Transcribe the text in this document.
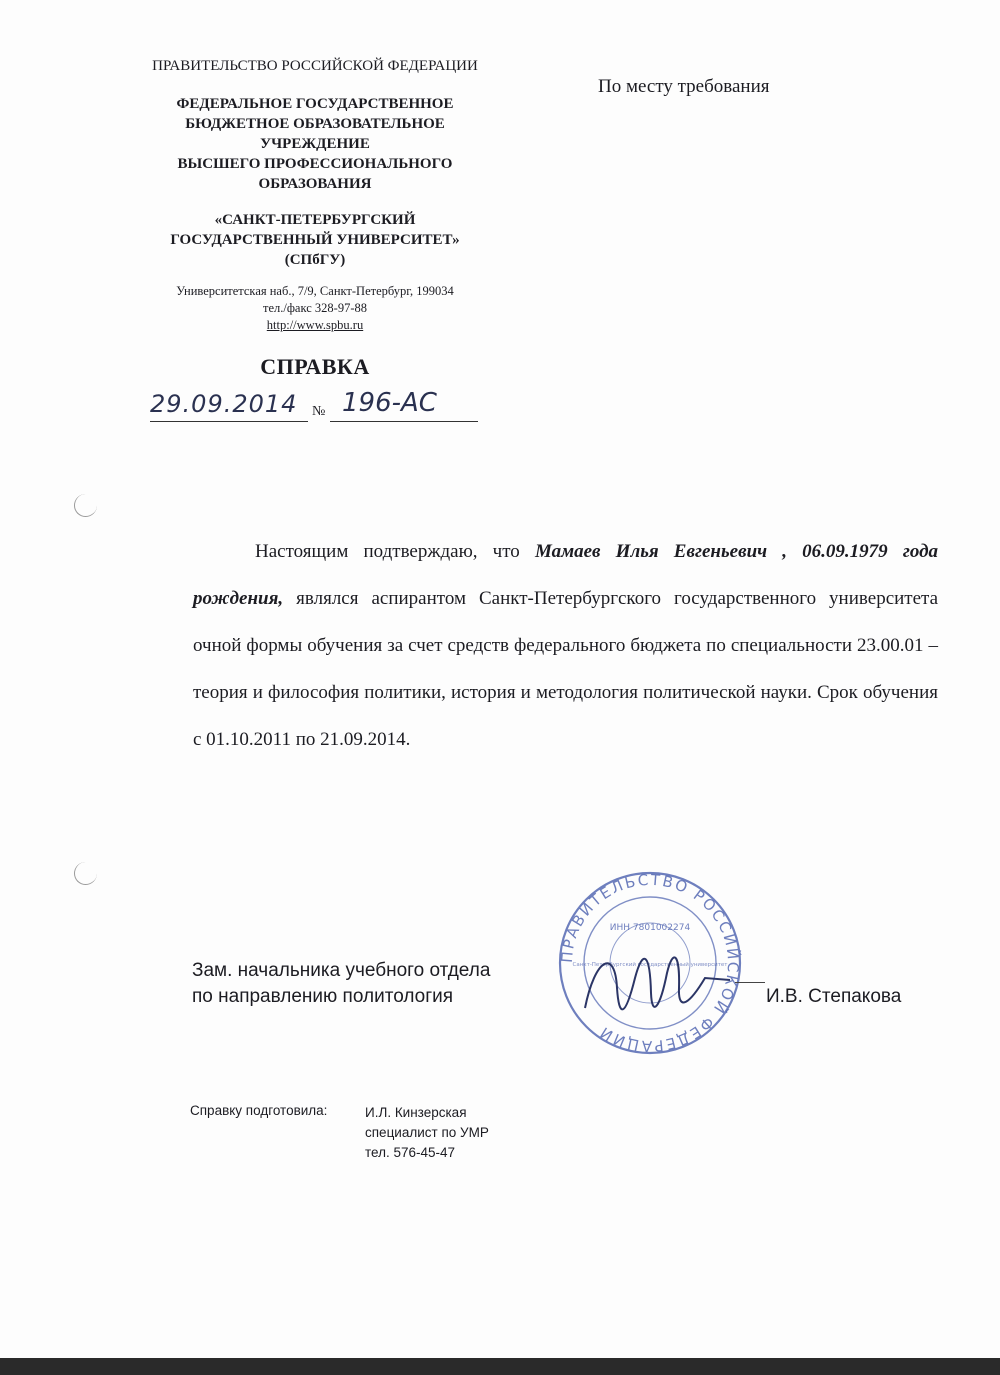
ПРАВИТЕЛЬСТВО РОССИЙСКОЙ ФЕДЕРАЦИИ
ФЕДЕРАЛЬНОЕ ГОСУДАРСТВЕННОЕ БЮДЖЕТНОЕ ОБРАЗОВАТЕЛЬНОЕ УЧРЕЖДЕНИЕ
ВЫСШЕГО ПРОФЕССИОНАЛЬНОГО ОБРАЗОВАНИЯ
«САНКТ-ПЕТЕРБУРГСКИЙ ГОСУДАРСТВЕННЫЙ УНИВЕРСИТЕТ»
(СПбГУ)
Университетская наб., 7/9, Санкт-Петербург, 199034
тел./факс 328-97-88
http://www.spbu.ru
По месту требования
СПРАВКА
29.09.2014 № 196-АС
Настоящим подтверждаю, что Мамаев Илья Евгеньевич , 06.09.1979 года рождения, являлся аспирантом Санкт-Петербургского государственного университета очной формы обучения за счет средств федерального бюджета по специальности 23.00.01 – теория и философия политики, история и методология политической науки. Срок обучения с 01.10.2011 по 21.09.2014.
ПРАВИТЕЛЬСТВО РОССИЙСКОЙ ФЕДЕРАЦИИ
ИНН 7801002274
Санкт-Петербургский государственный университет
Зам. начальника учебного отдела
по направлению политология	И.В. Степакова
Справку подготовила:	И.Л. Кинзерская
специалист по УМР
тел. 576-45-47
